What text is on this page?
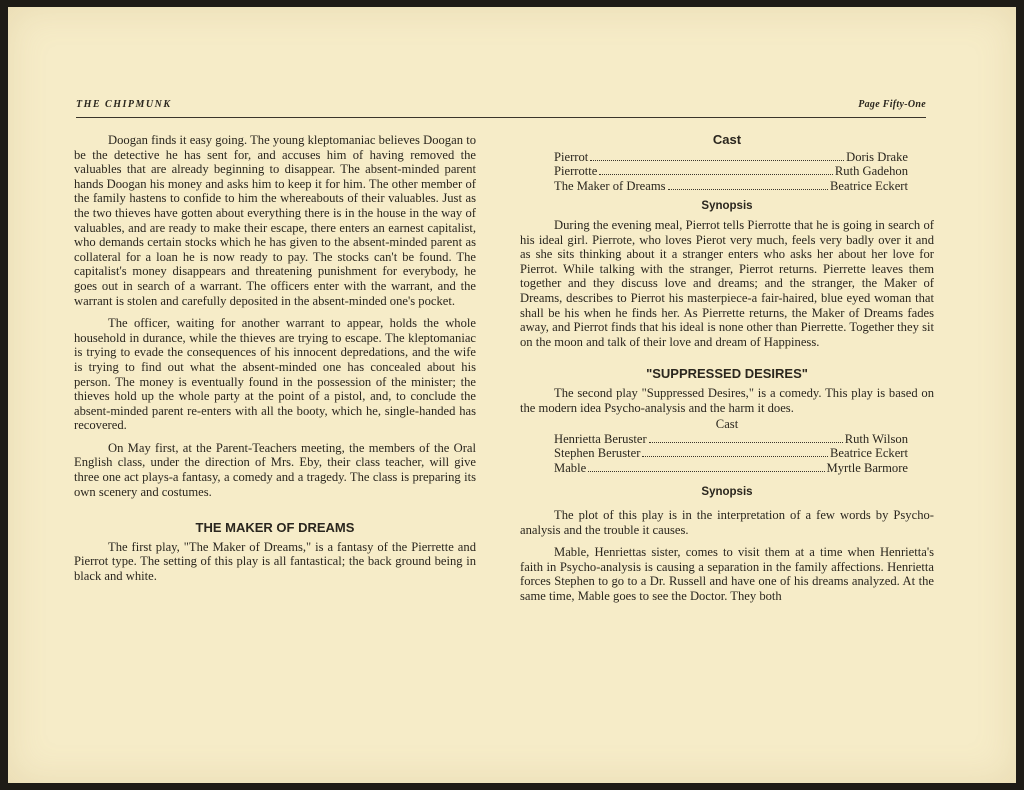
THE CHIPMUNK	Page Fifty-One

Doogan finds it easy going. The young kleptomaniac believes Doogan to be the detective he has sent for, and accuses him of having removed the valuables that are already beginning to disappear. The absent-minded parent hands Doogan his money and asks him to keep it for him. The other member of the family hastens to confide to him the whereabouts of their valuables. Just as the two thieves have gotten about everything there is in the house in the way of valuables, and are ready to make their escape, there enters an earnest capitalist, who demands certain stocks which he has given to the absent-minded parent as collateral for a loan he is now ready to pay. The stocks can't be found. The capitalist's money disappears and threatening punishment for everybody, he goes out in search of a warrant. The officers enter with the warrant, and the warrant is stolen and carefully deposited in the absent-minded one's pocket.

The officer, waiting for another warrant to appear, holds the whole household in durance, while the thieves are trying to escape. The kleptomaniac is trying to evade the consequences of his innocent depredations, and the wife is trying to find out what the absent-minded one has concealed about his person. The money is eventually found in the possession of the minister; the thieves hold up the whole party at the point of a pistol, and, to conclude the absent-minded parent re-enters with all the booty, which he, single-handed has recovered.

On May first, at the Parent-Teachers meeting, the members of the Oral English class, under the direction of Mrs. Eby, their class teacher, will give three one act plays-a fantasy, a comedy and a tragedy. The class is preparing its own scenery and costumes.

THE MAKER OF DREAMS

The first play, "The Maker of Dreams," is a fantasy of the Pierrette and Pierrot type. The setting of this play is all fantastical; the back ground being in black and white.

Cast
Pierrot	Doris Drake
Pierrotte	Ruth Gadehon
The Maker of Dreams	Beatrice Eckert
Synopsis

During the evening meal, Pierrot tells Pierrotte that he is going in search of his ideal girl. Pierrote, who loves Pierot very much, feels very badly over it and as she sits thinking about it a stranger enters who asks her about her love for Pierrot. While talking with the stranger, Pierrot returns. Pierrette leaves them together and they discuss love and dreams; and the stranger, the Maker of Dreams, describes to Pierrot his masterpiece-a fair-haired, blue eyed woman that shall be his when he finds her. As Pierrette returns, the Maker of Dreams fades away, and Pierrot finds that his ideal is none other than Pierrette. Together they sit on the moon and talk of their love and dream of Happiness.

"SUPPRESSED DESIRES"

The second play "Suppressed Desires," is a comedy. This play is based on the modern idea Psycho-analysis and the harm it does.

Cast
Henrietta Beruster	Ruth Wilson
Stephen Beruster	Beatrice Eckert
Mable	Myrtle Barmore
Synopsis

The plot of this play is in the interpretation of a few words by Psycho-analysis and the trouble it causes.

Mable, Henriettas sister, comes to visit them at a time when Henrietta's faith in Psycho-analysis is causing a separation in the family affections. Henrietta forces Stephen to go to a Dr. Russell and have one of his dreams analyzed. At the same time, Mable goes to see the Doctor. They both
